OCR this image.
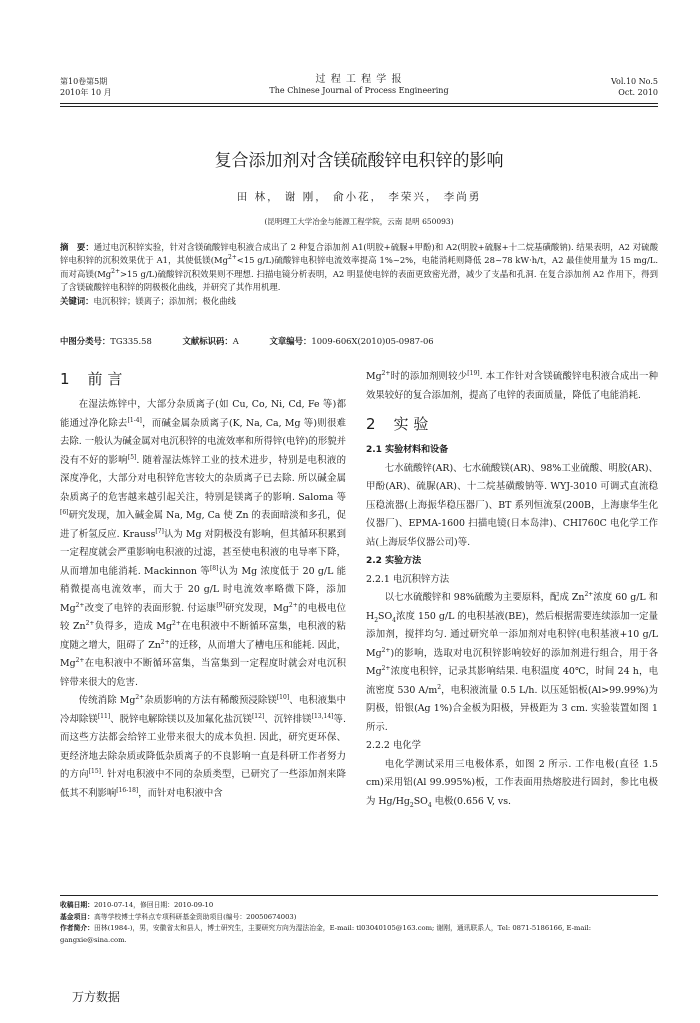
第10卷第5期
2010年 10 月
过 程 工 程 学 报
The Chinese Journal of Process Engineering
Vol.10 No.5
Oct. 2010
复合添加剂对含镁硫酸锌电积锌的影响
田 林， 谢 刚， 俞小花， 李荣兴， 李尚勇
(昆明理工大学冶金与能源工程学院，云南 昆明 650093)
摘　要：通过电沉积锌实验，针对含镁硫酸锌电积液合成出了 2 种复合添加剂 A1(明胶+硫脲+甲酚)和 A2(明胶+硫脲+十二烷基磺酸钠). 结果表明，A2 对硫酸锌电积锌的沉积效果优于 A1，其使低镁($Mg^{2+}<15$ g/L)硫酸锌电积锌电流效率提高 1%~2%，电能消耗则降低 28~78 kW·h/t，A2 最佳使用量为 15 mg/L. 而对高镁($Mg^{2+}>15$ g/L)硫酸锌沉积效果则不理想. 扫描电镜分析表明，A2 明显使电锌的表面更致密光滑，减少了支晶和孔洞. 在复合添加剂 A2 作用下，得到了含镁硫酸锌电积锌的阴极极化曲线，并研究了其作用机理.
关键词：电沉积锌；镁离子；添加剂；极化曲线
中图分类号：TG335.58	文献标识码：A	文章编号：1009-606X(2010)05-0987-06
1 前 言

在湿法炼锌中，大部分杂质离子(如 Cu, Co, Ni, Cd, Fe 等)都能通过净化除去[1-4]，而碱金属杂质离子(K, Na, Ca, Mg 等)则很难去除. 一般认为碱金属对电沉积锌的电流效率和所得锌(电锌)的形貌并没有不好的影响[5]. 随着湿法炼锌工业的技术进步，特别是电积液的深度净化，大部分对电积锌危害较大的杂质离子已去除. 所以碱金属杂质离子的危害越来越引起关注，特别是镁离子的影响. Saloma 等[6]研究发现，加入碱金属 Na, Mg, Ca 使 Zn 的表面暗淡和多孔，促进了析氢反应. Krauss[7]认为 Mg 对阴极没有影响，但其循环积累到一定程度就会严重影响电积液的过滤，甚至使电积液的电导率下降，从而增加电能消耗. Mackinnon 等[8]认为 Mg 浓度低于 20 g/L 能稍微提高电流效率，而大于 20 g/L 时电流效率略微下降，添加 $Mg^{2+}$改变了电锌的表面形貌. 付运康[9]研究发现，$Mg^{2+}$的电极电位较 $Zn^{2+}$负得多，造成 $Mg^{2+}$在电积液中不断循环富集，电积液的粘度随之增大，阻碍了 $Zn^{2+}$的迁移，从而增大了槽电压和能耗. 因此，$Mg^{2+}$在电积液中不断循环富集，当富集到一定程度时就会对电沉积锌带来很大的危害.

传统消除 $Mg^{2+}$杂质影响的方法有稀酸预浸除镁[10]、电积液集中冷却除镁[11]、脱锌电解除镁以及加氟化盐沉镁[12]、沉锌排镁[13,14]等. 而这些方法都会给锌工业带来很大的成本负担. 因此，研究更环保、更经济地去除杂质或降低杂质离子的不良影响一直是科研工作者努力的方向[15]. 针对电积液中不同的杂质类型，已研究了一些添加剂来降低其不利影响[16-18]，而针对电积液中含

$Mg^{2+}$时的添加剂则较少[19]. 本工作针对含镁硫酸锌电积液合成出一种效果较好的复合添加剂，提高了电锌的表面质量，降低了电能消耗.

2 实 验
2.1 实验材料和设备

七水硫酸锌(AR)、七水硫酸镁(AR)、98%工业硫酸、明胶(AR)、甲酚(AR)、硫脲(AR)、十二烷基磺酸钠等. WYJ-3010 可调式直流稳压稳流器(上海振华稳压器厂)、BT 系列恒流泵(200B，上海康华生化仪器厂)、EPMA-1600 扫描电镜(日本岛津)、CHI760C 电化学工作站(上海辰华仪器公司)等.

2.2 实验方法
2.2.1 电沉积锌方法

以七水硫酸锌和 98%硫酸为主要原料，配成 $Zn^{2+}$浓度 60 g/L 和 $H_2SO_4$浓度 150 g/L 的电积基液(BE)，然后根据需要连续添加一定量添加剂，搅拌均匀. 通过研究单一添加剂对电积锌(电积基液+10 g/L $Mg^{2+}$)的影响，选取对电沉积锌影响较好的添加剂进行组合，用于各 $Mg^{2+}$浓度电积锌，记录其影响结果. 电积温度 40℃，时间 24 h，电流密度 530 $A/m^2$，电积液流量 0.5 L/h. 以压延铝板(Al>99.99%)为阴极，铅银(Ag 1%)合金板为阳极，异极距为 3 cm. 实验装置如图 1 所示.

2.2.2 电化学

电化学测试采用三电极体系，如图 2 所示. 工作电极(直径 1.5 cm)采用铝(Al 99.995%)板，工作表面用热熔胶进行固封，参比电极为 $Hg/Hg_2SO_4$ 电极(0.656 V, vs.

收稿日期：2010-07-14，修回日期：2010-09-10
基金项目：高等学校博士学科点专项科研基金资助项目(编号：20050674003)
作者简介：田林(1984-)，男，安徽省太和县人，博士研究生，主要研究方向为湿法冶金，E-mail: tl03040105@163.com; 谢刚，通讯联系人，Tel: 0871-5186166, E-mail: gangxie@sina.com.
万方数据
